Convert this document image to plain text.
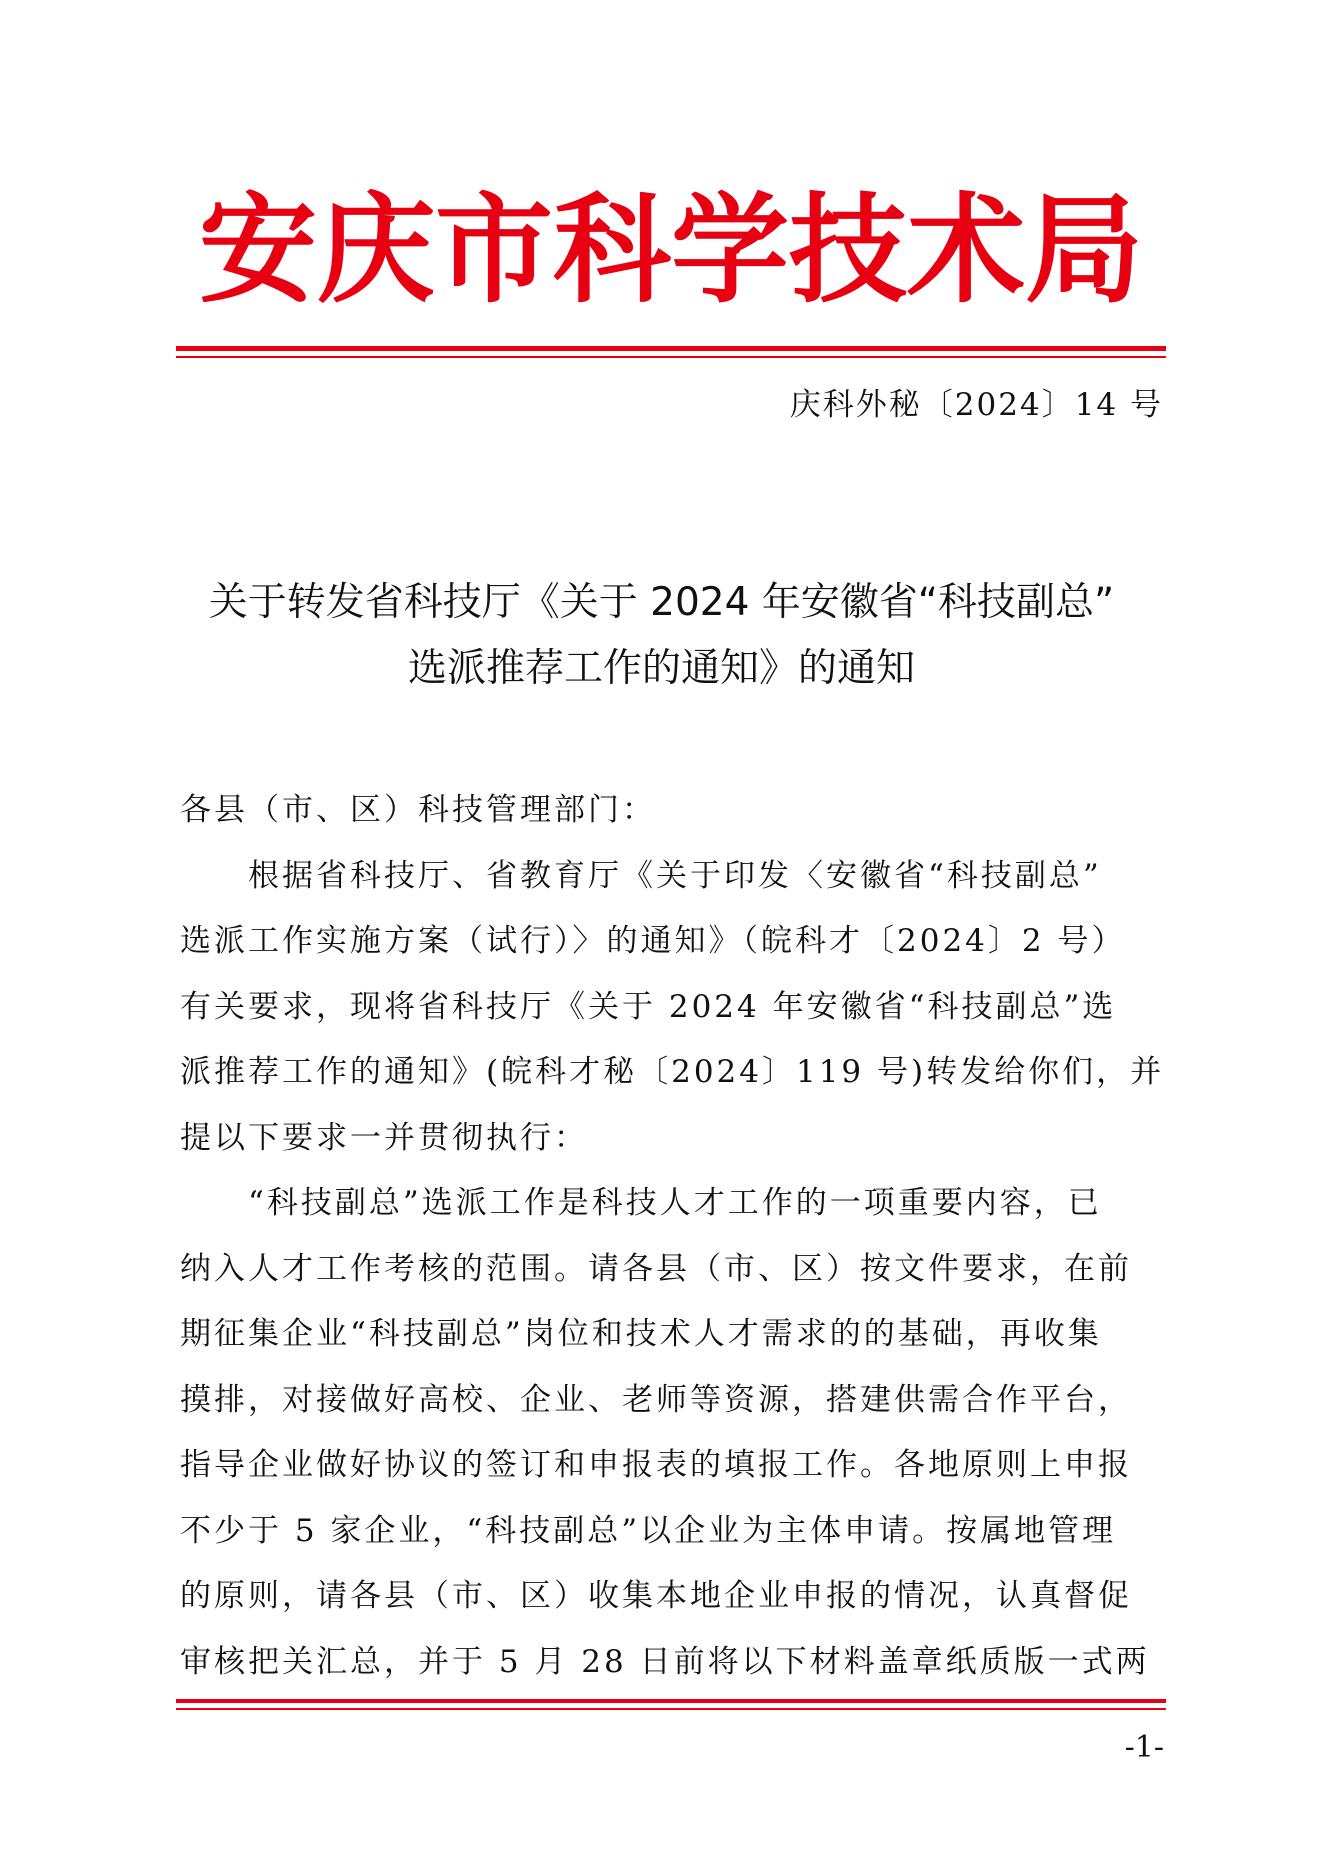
安庆市科学技术局
庆科外秘〔2024〕14 号
关于转发省科技厅《关于 2024 年安徽省“科技副总”
选派推荐工作的通知》的通知
各县（市、区）科技管理部门：
根据省科技厅、省教育厅《关于印发〈安徽省“科技副总”
选派工作实施方案（试行）〉的通知》（皖科才〔2024〕2 号）
有关要求，现将省科技厅《关于 2024 年安徽省“科技副总”选
派推荐工作的通知》(皖科才秘〔2024〕119 号)转发给你们，并
提以下要求一并贯彻执行：
“科技副总”选派工作是科技人才工作的一项重要内容，已
纳入人才工作考核的范围。请各县（市、区）按文件要求，在前
期征集企业“科技副总”岗位和技术人才需求的的基础，再收集
摸排，对接做好高校、企业、老师等资源，搭建供需合作平台，
指导企业做好协议的签订和申报表的填报工作。各地原则上申报
不少于 5 家企业，“科技副总”以企业为主体申请。按属地管理
的原则，请各县（市、区）收集本地企业申报的情况，认真督促
审核把关汇总，并于 5 月 28 日前将以下材料盖章纸质版一式两
-1-
